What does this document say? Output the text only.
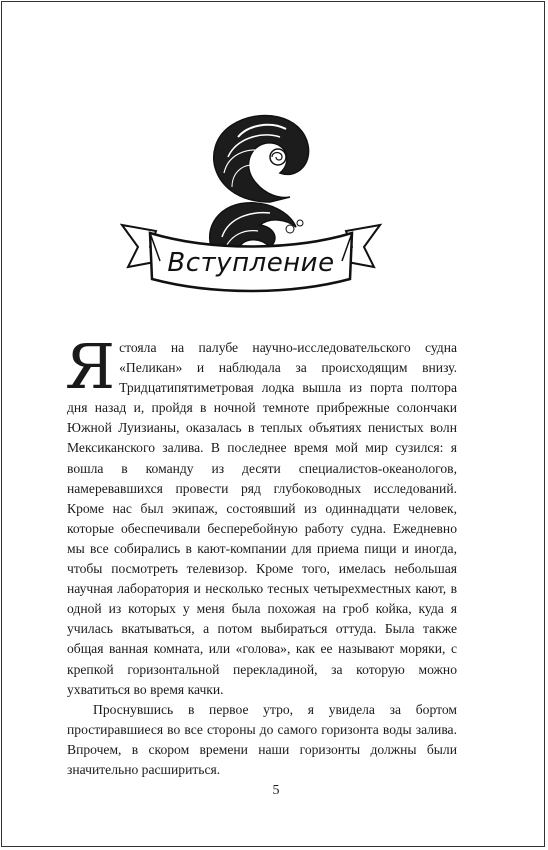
Вступление

Ястояла на палубе научно-исследовательского судна «Пеликан» и наблюдала за происходящим внизу. Тридцатипятиметровая лодка вышла из порта полтора дня назад и, пройдя в ночной темноте прибрежные солончаки Южной Луизианы, оказалась в теплых объятиях пенистых волн Мексиканского залива. В последнее время мой мир сузился: я вошла в команду из десяти специалистов-океанологов, намеревавшихся провести ряд глубоководных исследований. Кроме нас был экипаж, состоявший из одиннадцати человек, которые обеспечивали бесперебойную работу судна. Ежедневно мы все собирались в кают-компании для приема пищи и иногда, чтобы посмотреть телевизор. Кроме того, имелась небольшая научная лаборатория и несколько тесных четырехместных кают, в одной из которых у меня была похожая на гроб койка, куда я училась вкатываться, а потом выбираться оттуда. Была также общая ванная комната, или «голова», как ее называют моряки, с крепкой горизонтальной перекладиной, за которую можно ухватиться во время качки.

Проснувшись в первое утро, я увидела за бортом простиравшиеся во все стороны до самого горизонта воды залива. Впрочем, в скором времени наши горизонты должны были значительно расшириться.

5
